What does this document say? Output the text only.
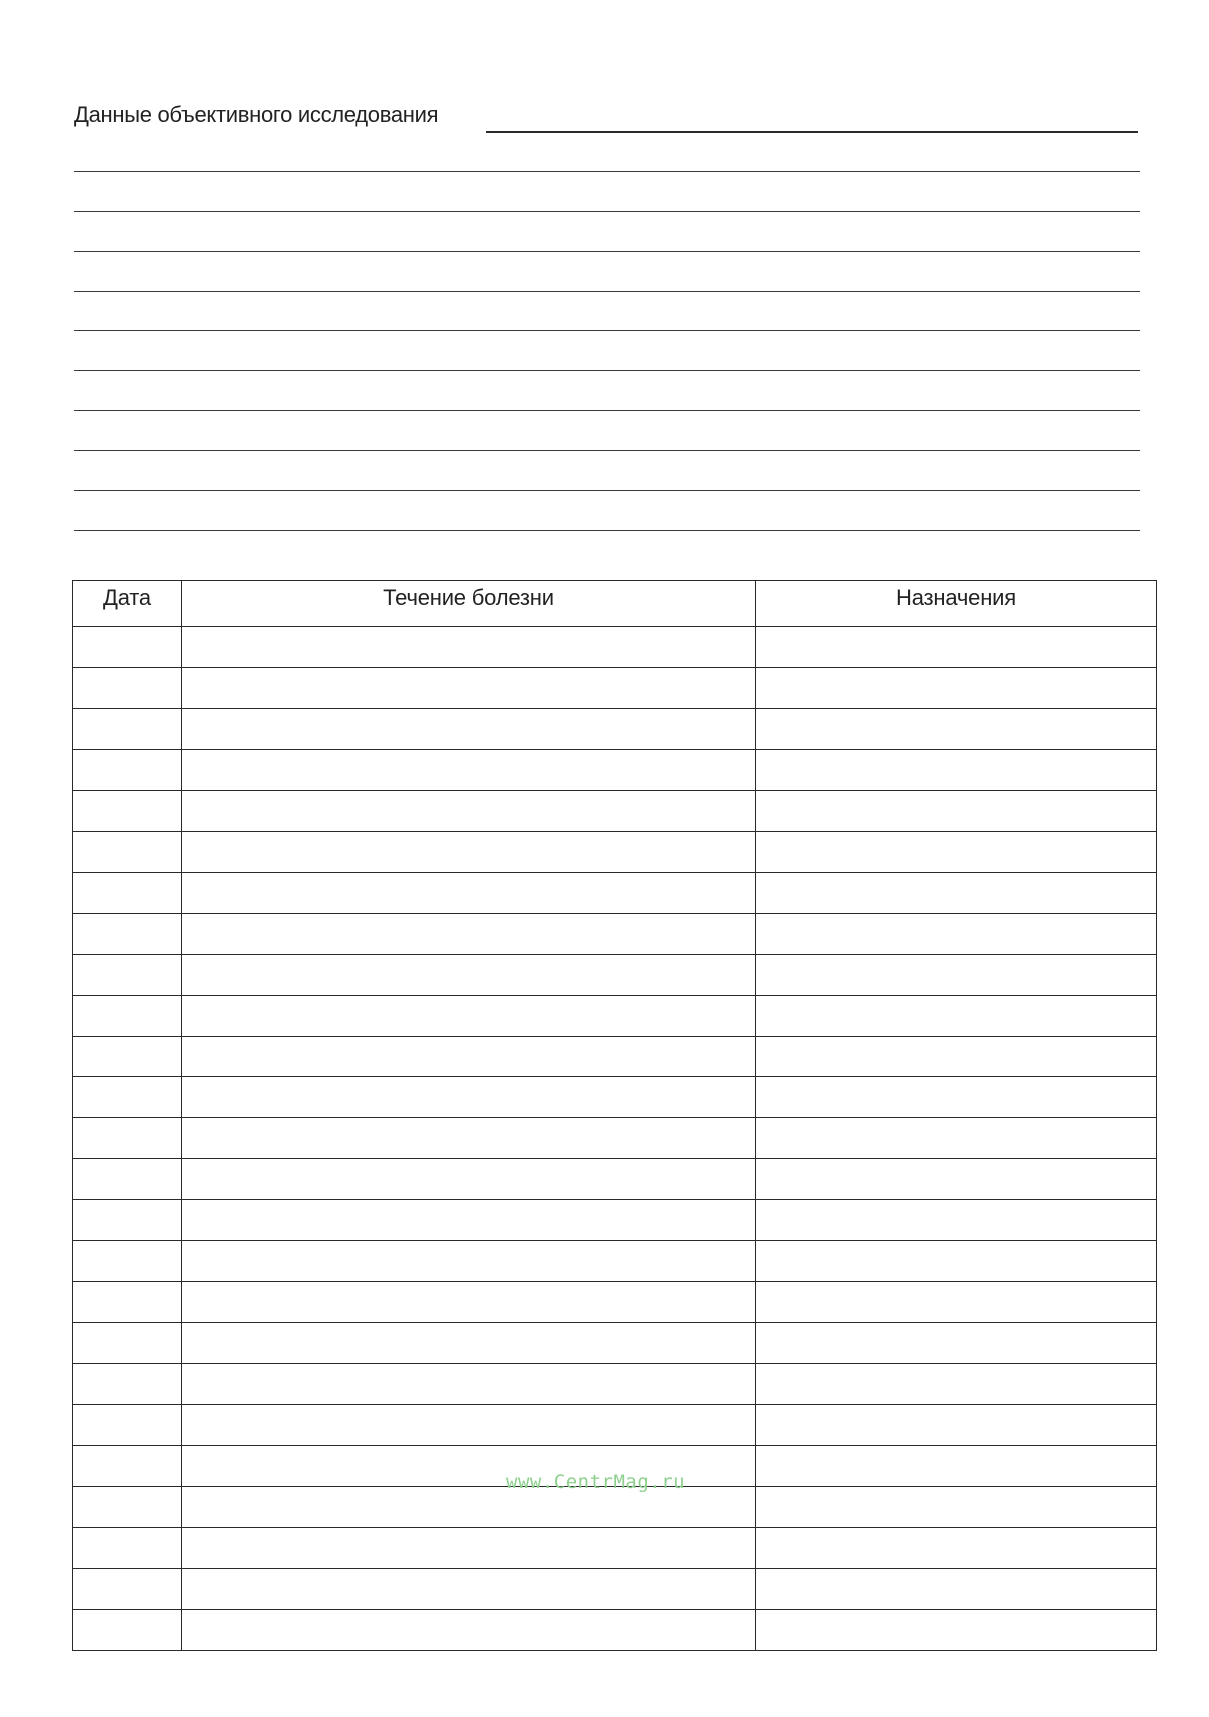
Данные объективного исследования
Дата	Течение болезни	Назначения

www.CentrMag.ru
